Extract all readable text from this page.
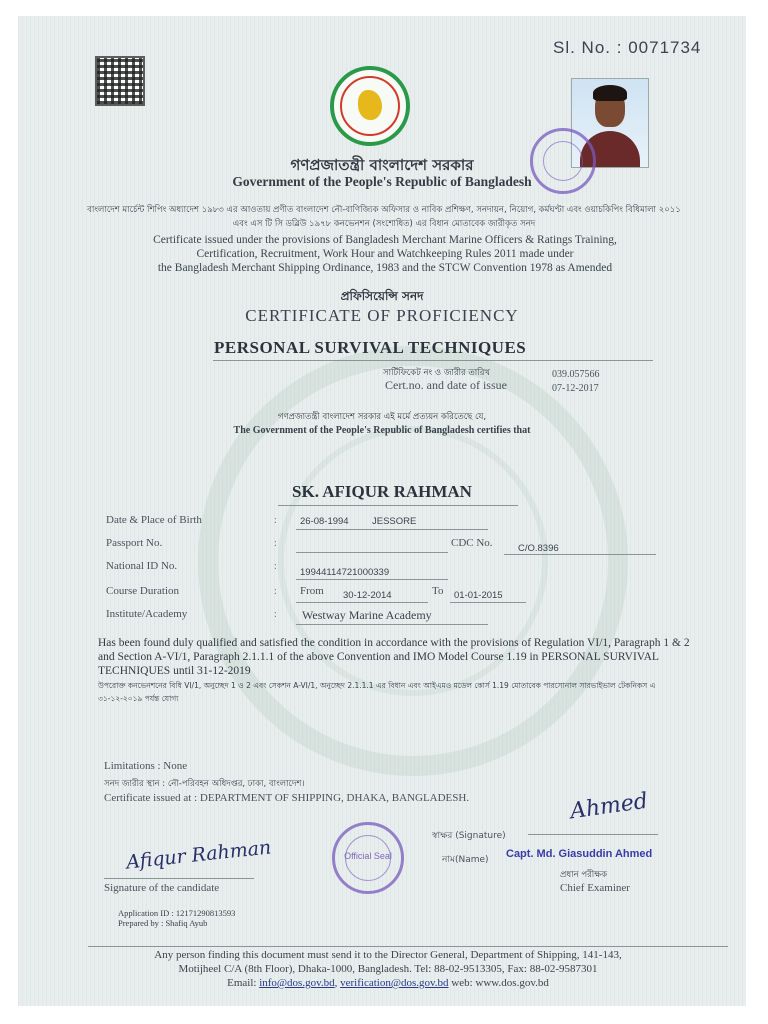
Sl. No. : 0071734
গণপ্রজাতন্ত্রী বাংলাদেশ সরকার
Government of the People's Republic of Bangladesh
বাংলাদেশ মার্চেন্ট শিপিং অধ্যাদেশ ১৯৮৩ এর আওতায় প্রণীত বাংলাদেশ নৌ-বাণিজ্যিক অফিসার ও নাবিক প্রশিক্ষণ, সনদায়ন, নিয়োগ, কর্মঘণ্টা এবং ওয়াচকিপিং বিধিমালা ২০১১ এবং এস টি সি ডব্লিউ ১৯৭৮ কনভেনশন (সংশোধিত) এর বিধান মোতাবেক জারীকৃত সনদ
Certificate issued under the provisions of Bangladesh Merchant Marine Officers & Ratings Training,
Certification, Recruitment, Work Hour and Watchkeeping Rules 2011 made under
the Bangladesh Merchant Shipping Ordinance, 1983 and the STCW Convention 1978 as Amended
প্রফিসিয়েন্সি সনদ
CERTIFICATE OF PROFICIENCY
PERSONAL SURVIVAL TECHNIQUES
সার্টিফিকেট নং ও জারীর তারিখ
Cert.no. and date of issue
039.057566
07-12-2017
গণপ্রজাতন্ত্রী বাংলাদেশ সরকার এই মর্মে প্রত্যয়ন করিতেছে যে,
The Government of the People's Republic of Bangladesh certifies that
SK. AFIQUR RAHMAN
Date & Place of Birth	: 26-08-1994 JESSORE
Passport No.	:	CDC No.	C/O.8396
National ID No.	:
19944114721000339
Course Duration	: From 30-12-2014	To 01-01-2015
Institute/Academy	: Westway Marine Academy
Has been found duly qualified and satisfied the condition in accordance with the provisions of Regulation VI/1, Paragraph 1 & 2 and Section A-VI/1, Paragraph 2.1.1.1 of the above Convention and IMO Model Course 1.19 in PERSONAL SURVIVAL TECHNIQUES until 31-12-2019
উপরোক্ত কনভেনশনের বিধি VI/1, অনুচ্ছেদ 1 ও 2 এবং সেকশন A-VI/1, অনুচ্ছেদ 2.1.1.1 এর বিধান এবং আইএমও মডেল কোর্স 1.19 মোতাবেক পারসোনাল সারভাইভাল টেকনিকস এ ৩১-১২-২০১৯ পর্যন্ত যোগ্য
Limitations : None
সনদ জারীর স্থান : নৌ-পরিবহন অধিদপ্তর, ঢাকা, বাংলাদেশ।
Certificate issued at : DEPARTMENT OF SHIPPING, DHAKA, BANGLADESH.	Ahmed
স্বাক্ষর (Signature)
নাম(Name) Capt. Md. Giasuddin Ahmed
প্রধান পরীক্ষক
Chief Examiner
Official Seal
Afiqur Rahman
Signature of the candidate
Application ID : 12171290813593
Prepared by : Shafiq Ayub
Any person finding this document must send it to the Director General, Department of Shipping, 141-143,
Motijheel C/A (8th Floor), Dhaka-1000, Bangladesh. Tel: 88-02-9513305, Fax: 88-02-9587301
Email: info@dos.gov.bd, verification@dos.gov.bd web: www.dos.gov.bd
